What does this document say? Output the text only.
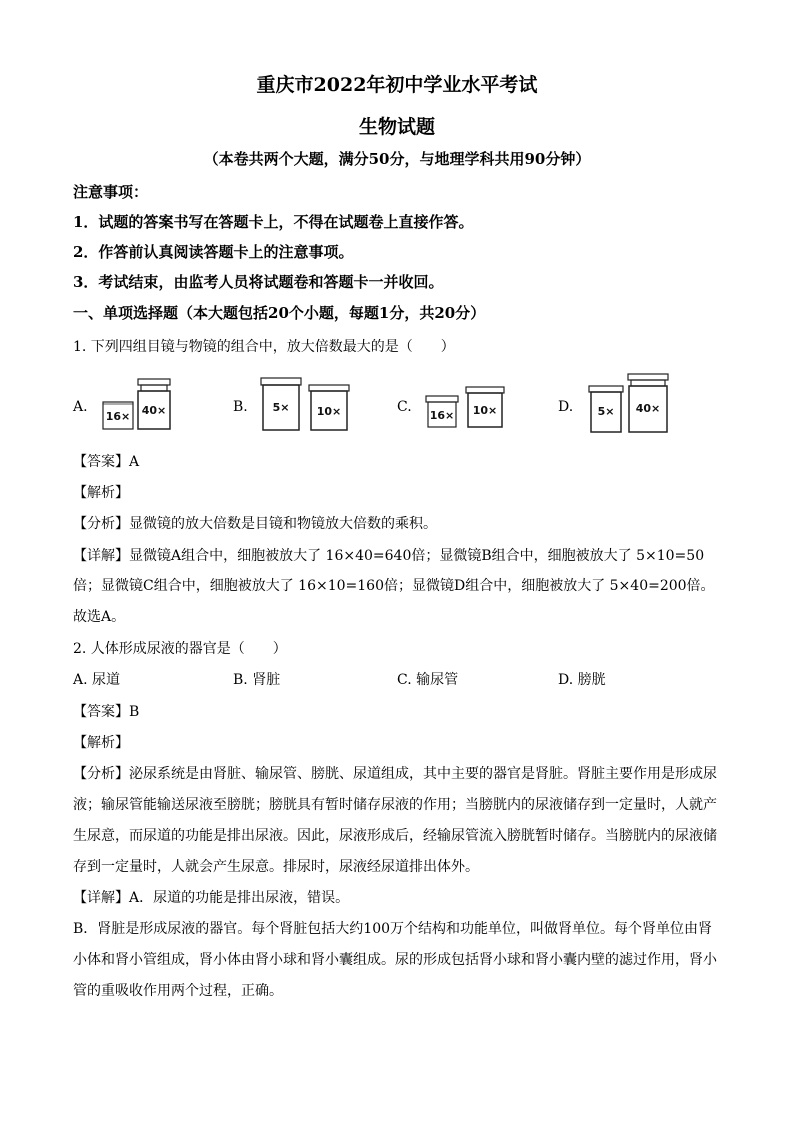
重庆市2022年初中学业水平考试
生物试题
（本卷共两个大题，满分50分，与地理学科共用90分钟）
注意事项：
1．试题的答案书写在答题卡上，不得在试题卷上直接作答。
2．作答前认真阅读答题卡上的注意事项。
3．考试结束，由监考人员将试题卷和答题卡一并收回。
一、单项选择题（本大题包括20个小题，每题1分，共20分）
1. 下列四组目镜与物镜的组合中，放大倍数最大的是（　　）
A.
16× 40×	B. 5× 10×	C.
16× 10×	D. 5× 40×
【答案】A
【解析】
【分析】显微镜的放大倍数是目镜和物镜放大倍数的乘积。
【详解】显微镜A组合中，细胞被放大了 16×40=640倍；显微镜B组合中，细胞被放大了 5×10=50
倍；显微镜C组合中，细胞被放大了 16×10=160倍；显微镜D组合中，细胞被放大了 5×40=200倍。
故选A。
2. 人体形成尿液的器官是（　　）
A. 尿道	B. 肾脏	C. 输尿管	D. 膀胱
【答案】B
【解析】
【分析】泌尿系统是由肾脏、输尿管、膀胱、尿道组成，其中主要的器官是肾脏。肾脏主要作用是形成尿
液；输尿管能输送尿液至膀胱；膀胱具有暂时储存尿液的作用；当膀胱内的尿液储存到一定量时，人就产
生尿意，而尿道的功能是排出尿液。因此，尿液形成后，经输尿管流入膀胱暂时储存。当膀胱内的尿液储
存到一定量时，人就会产生尿意。排尿时，尿液经尿道排出体外。
【详解】A．尿道的功能是排出尿液，错误。
B．肾脏是形成尿液的器官。每个肾脏包括大约100万个结构和功能单位，叫做肾单位。每个肾单位由肾
小体和肾小管组成，肾小体由肾小球和肾小囊组成。尿的形成包括肾小球和肾小囊内壁的滤过作用，肾小
管的重吸收作用两个过程，正确。
